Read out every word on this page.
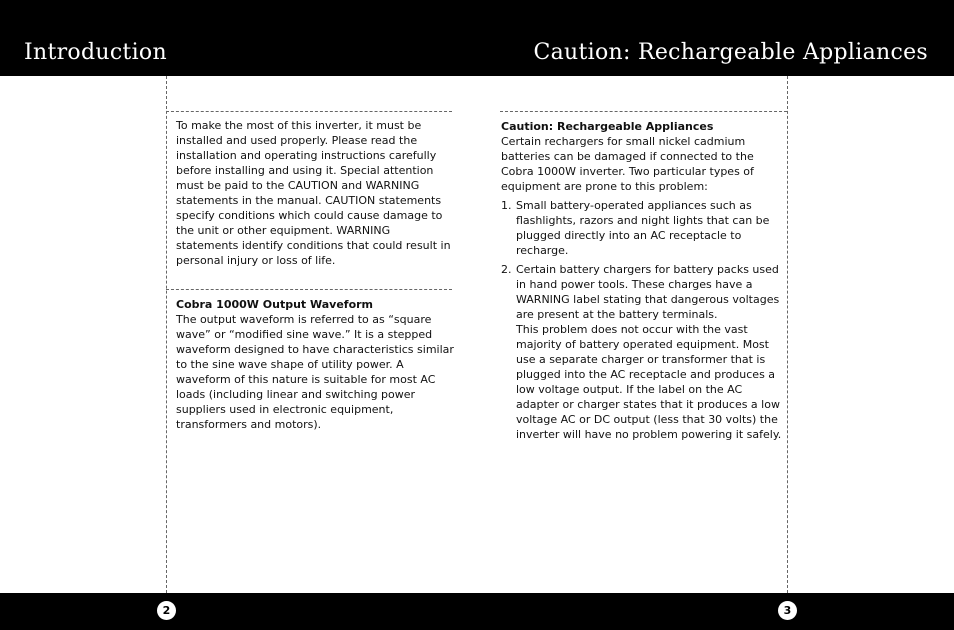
Introduction	Caution: Rechargeable Appliances

To make the most of this inverter, it must be installed and used properly. Please read the installation and operating instructions carefully before installing and using it. Special attention must be paid to the CAUTION and WARNING statements in the manual. CAUTION statements specify conditions which could cause damage to the unit or other equipment. WARNING statements identify conditions that could result in personal injury or loss of life.

Cobra 1000W Output Waveform

The output waveform is referred to as “square wave” or “modified sine wave.” It is a stepped waveform designed to have characteristics similar to the sine wave shape of utility power. A waveform of this nature is suitable for most AC loads (including linear and switching power suppliers used in electronic equipment, transformers and motors).

Caution: Rechargeable Appliances

Certain rechargers for small nickel cadmium batteries can be damaged if connected to the Cobra 1000W inverter. Two particular types of equipment are prone to this problem:

1. Small battery-operated appliances such as flashlights, razors and night lights that can be plugged directly into an AC receptacle to recharge.
2. Certain battery chargers for battery packs used in hand power tools. These charges have a WARNING label stating that dangerous voltages are present at the battery terminals.

This problem does not occur with the vast majority of battery operated equipment. Most use a separate charger or transformer that is plugged into the AC receptacle and produces a low voltage output. If the label on the AC adapter or charger states that it produces a low voltage AC or DC output (less that 30 volts) the inverter will have no problem powering it safely.

2	3
